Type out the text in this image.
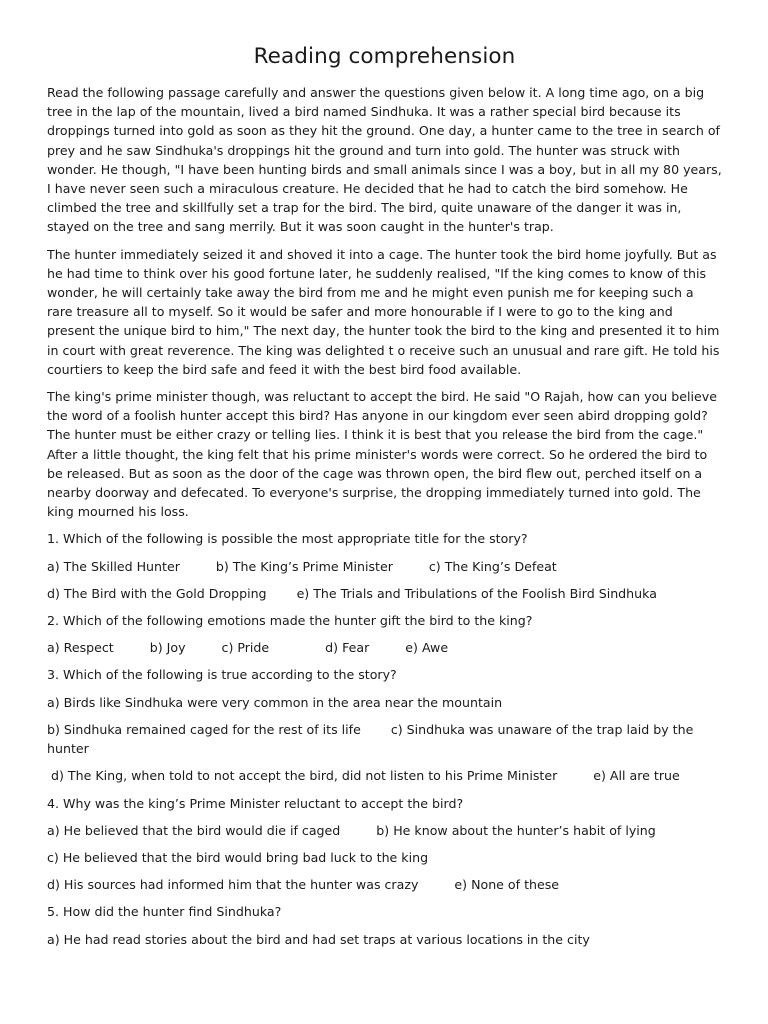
Reading comprehension

Read the following passage carefully and answer the questions given below it. A long time ago, on a big tree in the lap of the mountain, lived a bird named Sindhuka. It was a rather special bird because its droppings turned into gold as soon as they hit the ground. One day, a hunter came to the tree in search of prey and he saw Sindhuka's droppings hit the ground and turn into gold. The hunter was struck with wonder. He though, "I have been hunting birds and small animals since I was a boy, but in all my 80 years, I have never seen such a miraculous creature. He decided that he had to catch the bird somehow. He climbed the tree and skillfully set a trap for the bird. The bird, quite unaware of the danger it was in, stayed on the tree and sang merrily. But it was soon caught in the hunter's trap.

The hunter immediately seized it and shoved it into a cage. The hunter took the bird home joyfully. But as he had time to think over his good fortune later, he suddenly realised, "If the king comes to know of this wonder, he will certainly take away the bird from me and he might even punish me for keeping such a rare treasure all to myself. So it would be safer and more honourable if I were to go to the king and present the unique bird to him," The next day, the hunter took the bird to the king and presented it to him in court with great reverence. The king was delighted t o receive such an unusual and rare gift. He told his courtiers to keep the bird safe and feed it with the best bird food available.

The king's prime minister though, was reluctant to accept the bird. He said "O Rajah, how can you believe the word of a foolish hunter accept this bird? Has anyone in our kingdom ever seen abird dropping gold? The hunter must be either crazy or telling lies. I think it is best that you release the bird from the cage." After a little thought, the king felt that his prime minister's words were correct. So he ordered the bird to be released. But as soon as the door of the cage was thrown open, the bird flew out, perched itself on a nearby doorway and defecated. To everyone's surprise, the dropping immediately turned into gold. The king mourned his loss.

1. Which of the following is possible the most appropriate title for the story?

a) The Skilled Hunter	b) The King’s Prime Minister	c) The King’s Defeat
d) The Bird with the Gold Dropping e) The Trials and Tribulations of the Foolish Bird Sindhuka

2. Which of the following emotions made the hunter gift the bird to the king?

a) Respect	b) Joy	c) Pride	d) Fear	e) Awe

3. Which of the following is true according to the story?

a) Birds like Sindhuka were very common in the area near the mountain
b) Sindhuka remained caged for the rest of its life c) Sindhuka was unaware of the trap laid by the hunter
d) The King, when told to not accept the bird, did not listen to his Prime Minister	e) All are true

4. Why was the king’s Prime Minister reluctant to accept the bird?

a) He believed that the bird would die if caged	b) He know about the hunter’s habit of lying
c) He believed that the bird would bring bad luck to the king
d) His sources had informed him that the hunter was crazy	e) None of these

5. How did the hunter find Sindhuka?

a) He had read stories about the bird and had set traps at various locations in the city
